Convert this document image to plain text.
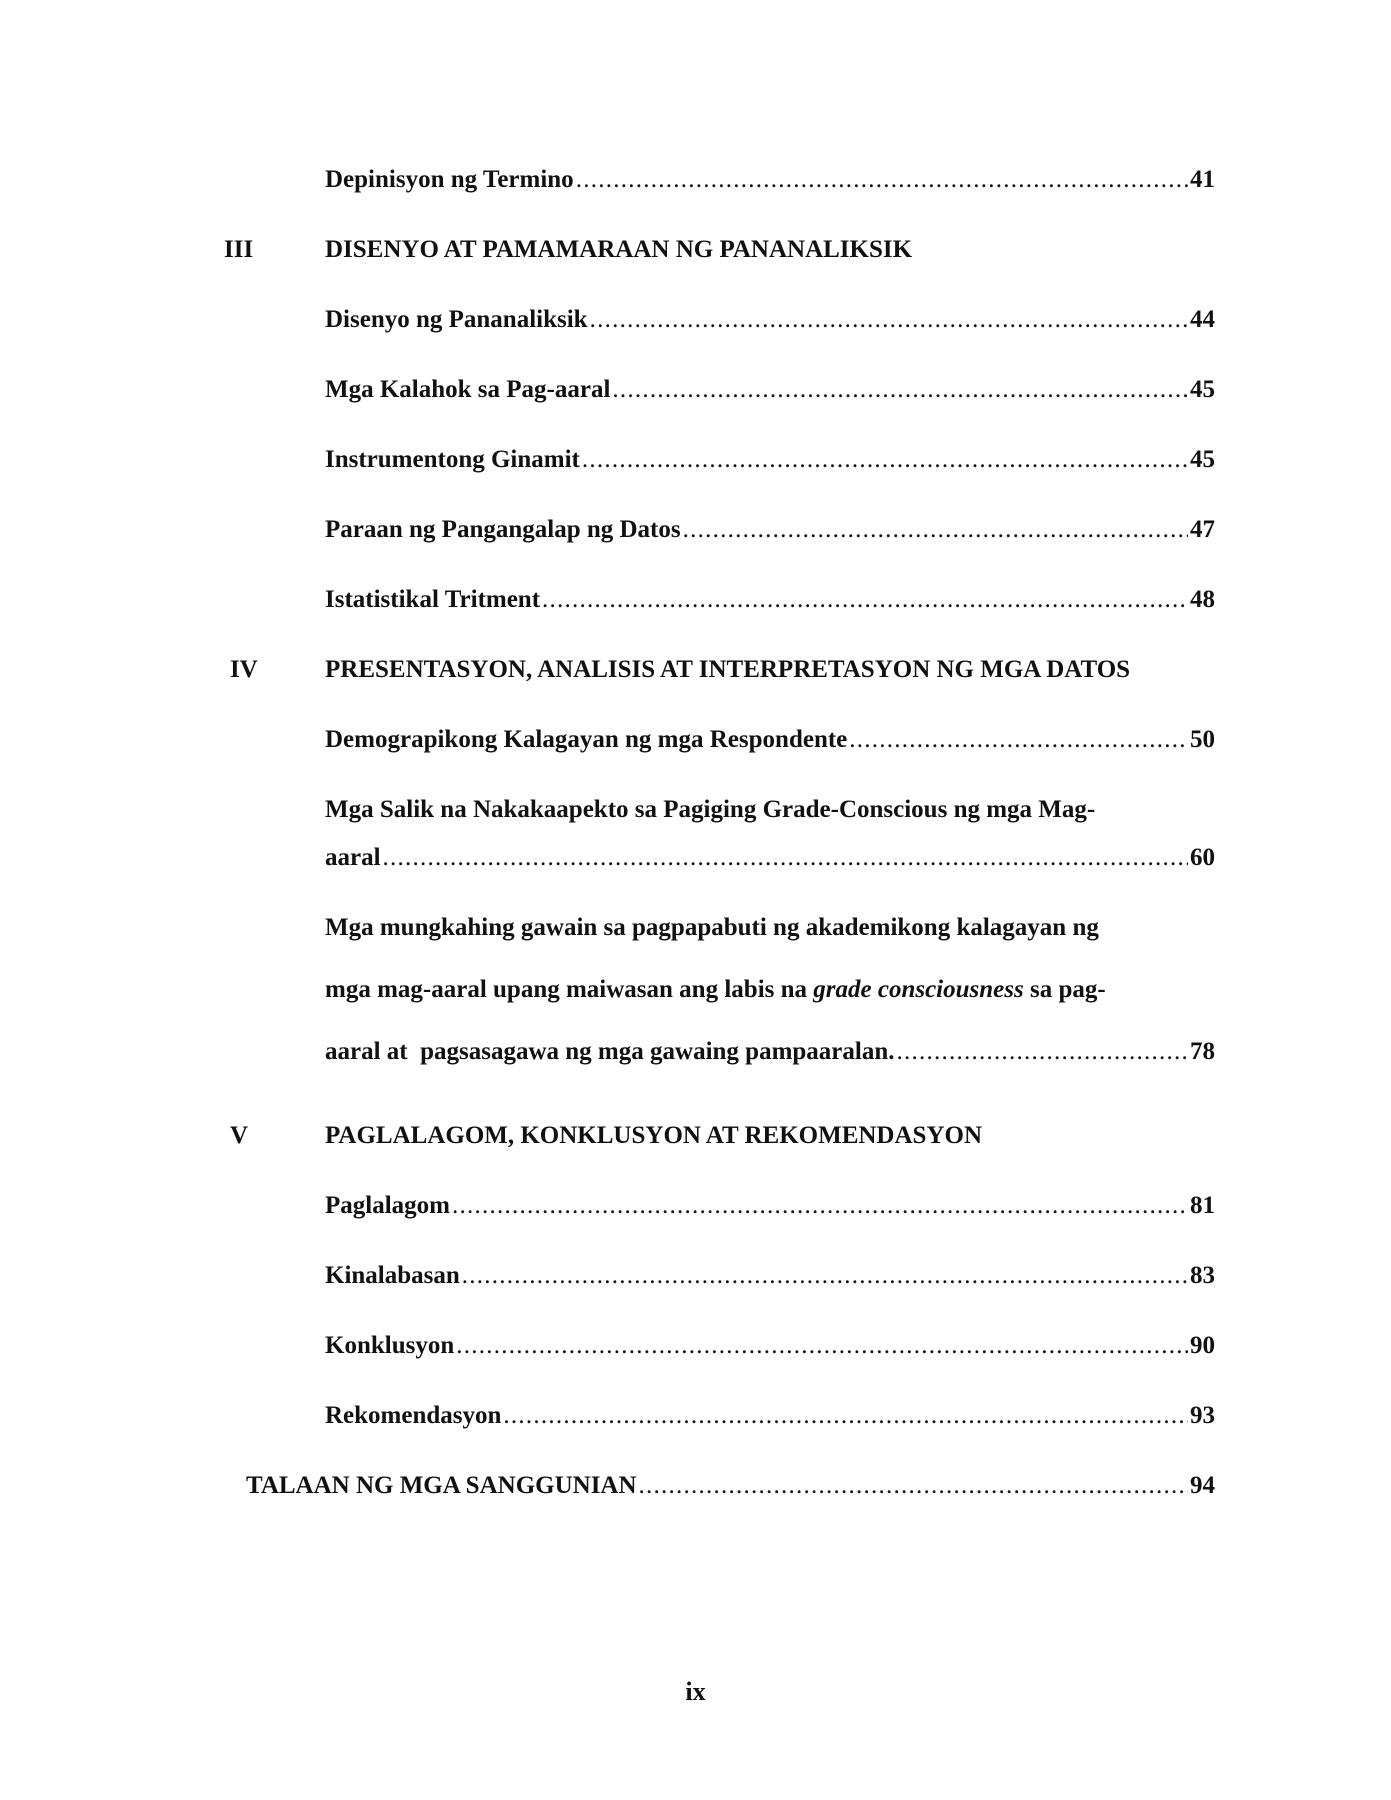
Depinisyon ng Termino . . .	41
III	DISENYO AT PAMAMARAAN NG PANANALIKSIK
Disenyo ng Pananaliksik . . .	44
Mga Kalahok sa Pag-aaral . . .	45
Instrumentong Ginamit . . .	45
Paraan ng Pangangalap ng Datos . . .	47
Istatistikal Tritment . . .	48
IV	PRESENTASYON, ANALISIS AT INTERPRETASYON NG MGA DATOS
Demograpikong Kalagayan ng mga Respondente . . .	50
Mga Salik na Nakakaapekto sa Pagiging Grade-Conscious ng mga Mag-
aaral . . .	60
Mga mungkahing gawain sa pagpapabuti ng akademikong kalagayan ng
mga mag-aaral upang maiwasan ang labis na grade consciousness sa pag-
aaral at  pagsasagawa ng mga gawaing pampaaralan. . . .	78
V	PAGLALAGOM, KONKLUSYON AT REKOMENDASYON
Paglalagom . . .	81
Kinalabasan . . .	83
Konklusyon . . .	90
Rekomendasyon . . .	93
TALAAN NG MGA SANGGUNIAN . . .	94
ix
